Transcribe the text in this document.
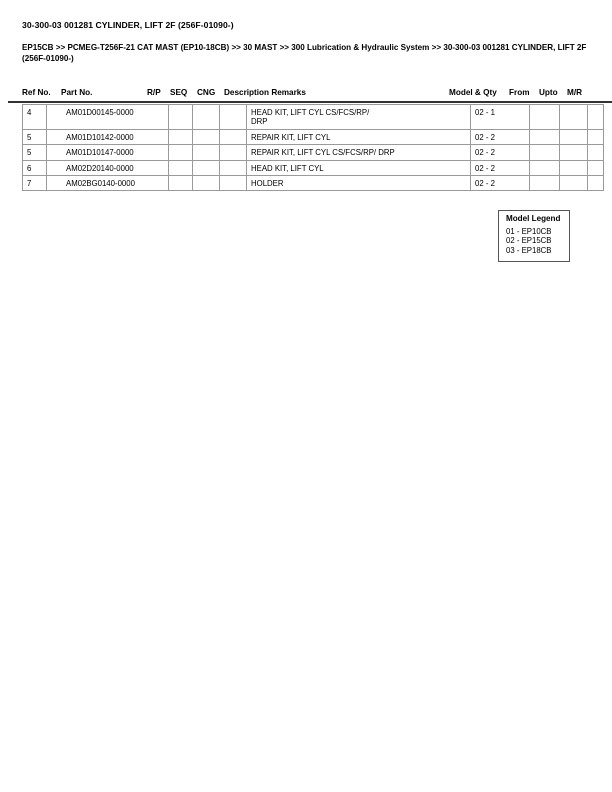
30-300-03 001281 CYLINDER, LIFT 2F (256F-01090-)
EP15CB >> PCMEG-T256F-21 CAT MAST (EP10-18CB) >> 30 MAST >> 300 Lubrication & Hydraulic System >> 30-300-03 001281 CYLINDER, LIFT 2F (256F-01090-)
Ref No. Part No.	R/P SEQ CNG Description Remarks	Model & Qty From Upto M/R
4	AM01D00145-0000				HEAD KIT, LIFT CYL CS/FCS/RP/ DRP	02 - 1			
5	AM01D10142-0000				REPAIR KIT, LIFT CYL	02 - 2			
5	AM01D10147-0000				REPAIR KIT, LIFT CYL CS/FCS/RP/ DRP	02 - 2			
6	AM02D20140-0000				HEAD KIT, LIFT CYL	02 - 2			
7	AM02BG0140-0000				HOLDER	02 - 2			
Model Legend
01 - EP10CB
02 - EP15CB
03 - EP18CB
